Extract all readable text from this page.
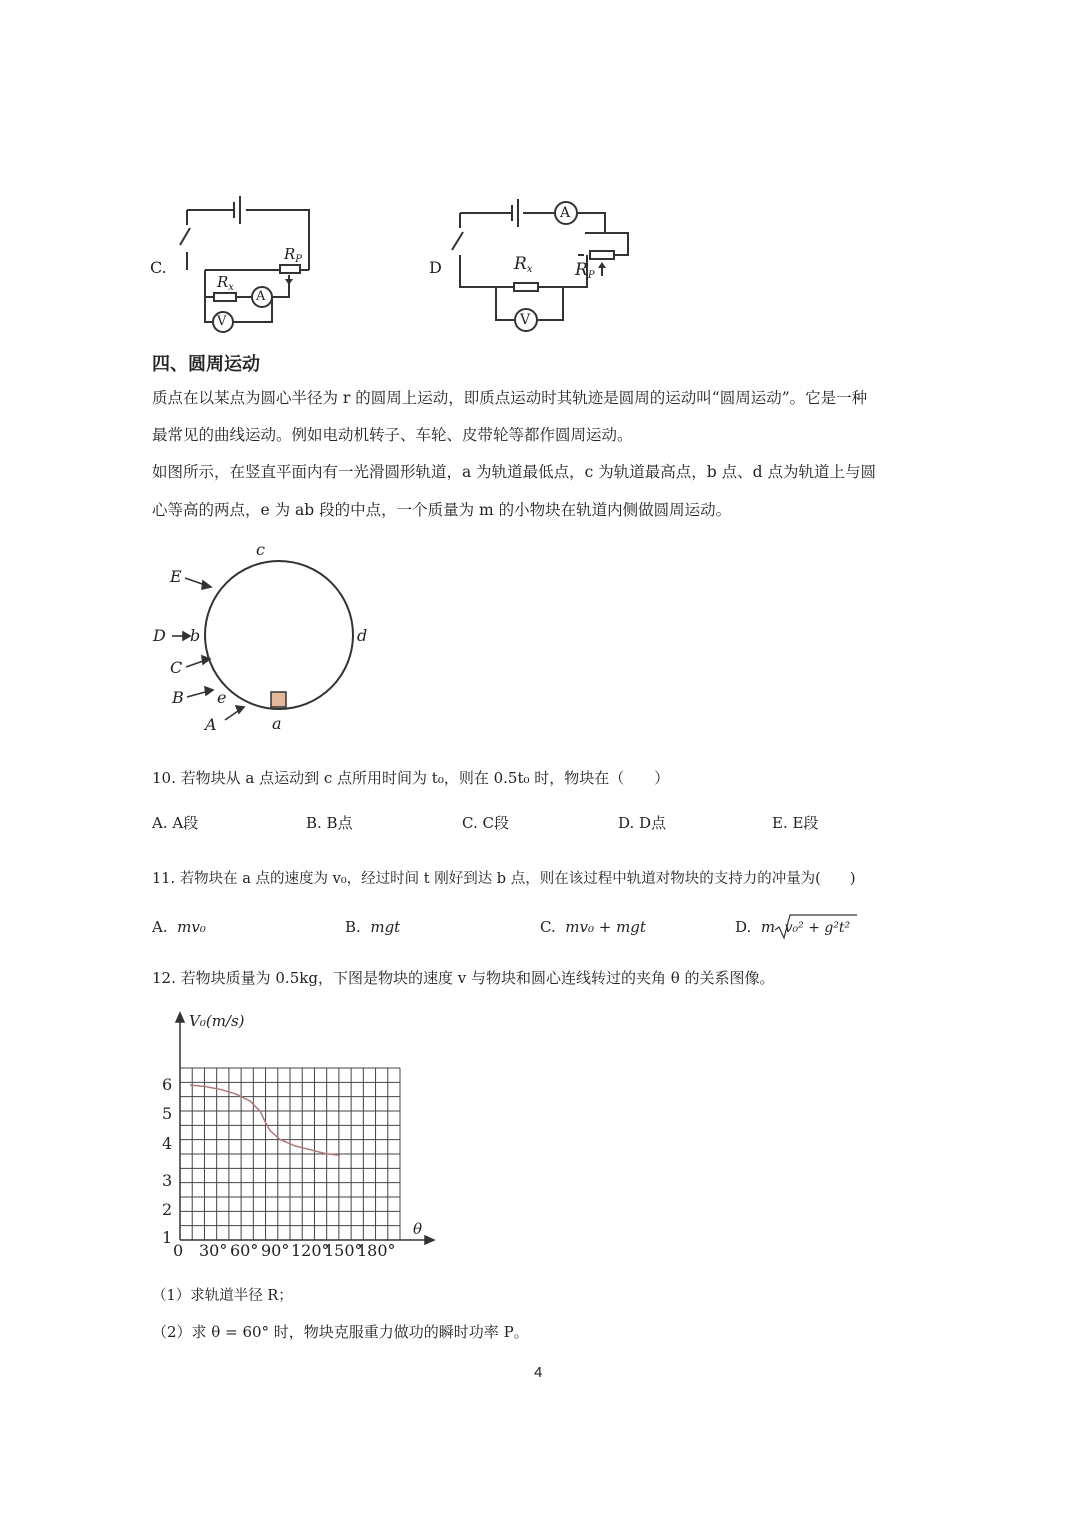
C.
$R_P$
$R_x$
A
V
D	$R_P$
$R_x$
A
V
四、圆周运动
质点在以某点为圆心半径为 r 的圆周上运动，即质点运动时其轨迹是圆周的运动叫“圆周运动”。它是一种
最常见的曲线运动。例如电动机转子、车轮、皮带轮等都作圆周运动。
如图所示，在竖直平面内有一光滑圆形轨道，a 为轨道最低点，c 为轨道最高点，b 点、d 点为轨道上与圆
心等高的两点，e 为 ab 段的中点，一个质量为 m 的小物块在轨道内侧做圆周运动。
c
d
b
e
a
E
D
C
B
A
10. 若物块从 a 点运动到 c 点所用时间为 t₀，则在 0.5t₀ 时，物块在（　　）
A. A段	B. B点	C. C段	D. D点	E. E段
11. 若物块在 a 点的速度为 v₀，经过时间 t 刚好到达 b 点，则在该过程中轨道对物块的支持力的冲量为(　　)
A. mv₀	B. mgt	C. mv₀ + mgt	D. m v₀² + g²t²
12. 若物块质量为 0.5kg，下图是物块的速度 v 与物块和圆心连线转过的夹角 θ 的关系图像。
V₀(m/s)
θ
6
5
4
3
2
1
0 30° 60° 90° 120°
150°
180°
（1）求轨道半径 R；
（2）求 θ = 60° 时，物块克服重力做功的瞬时功率 P。
4
